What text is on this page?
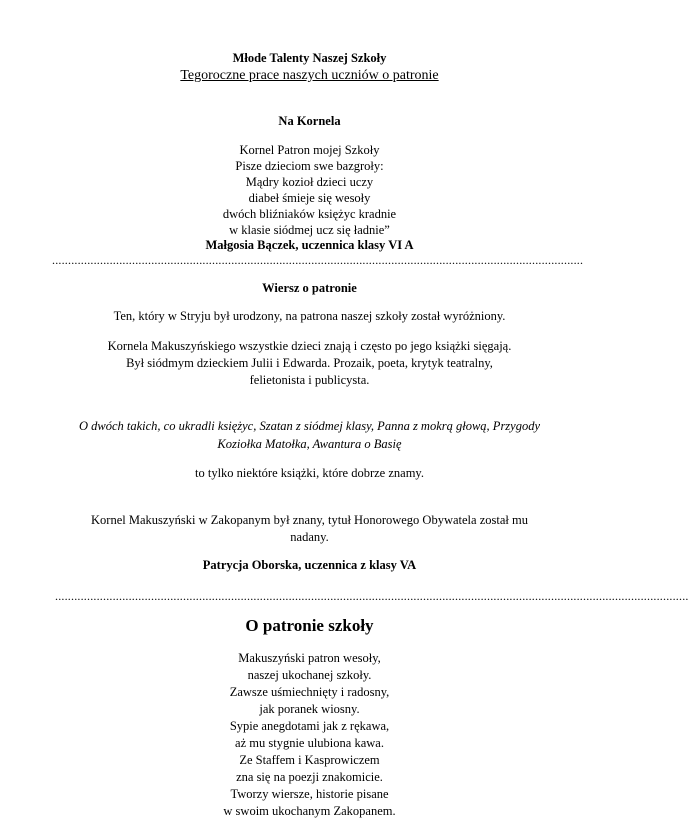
Młode Talenty Naszej Szkoły
Tegoroczne prace naszych uczniów o patronie
Na Kornela
Kornel Patron mojej Szkoły
Pisze dzieciom swe bazgroły:
Mądry kozioł dzieci uczy
diabeł śmieje się wesoły
dwóch bliźniaków księżyc kradnie
w klasie siódmej ucz się ładnie”
Małgosia Bączek, uczennica klasy VI A
......................................................................................................................................................................
Wiersz o patronie
Ten, który w Stryju był urodzony, na patrona naszej szkoły został wyróżniony.
Kornela Makuszyńskiego wszystkie dzieci znają i często po jego książki sięgają.
Był siódmym dzieckiem Julii i Edwarda. Prozaik, poeta, krytyk teatralny,
felietonista i publicysta.
O dwóch takich, co ukradli księżyc, Szatan z siódmej klasy, Panna z mokrą głową, Przygody
Koziołka Matołka, Awantura o Basię
to tylko niektóre książki, które dobrze znamy.
Kornel Makuszyński w Zakopanym był znany, tytuł Honorowego Obywatela został mu
nadany.
Patrycja Oborska, uczennica z klasy VA
......................................................................................................................................................................................................
O patronie szkoły
Makuszyński patron wesoły,
naszej ukochanej szkoły.
Zawsze uśmiechnięty i radosny,
jak poranek wiosny.
Sypie anegdotami jak z rękawa,
aż mu stygnie ulubiona kawa.
Ze Staffem i Kasprowiczem
zna się na poezji znakomicie.
Tworzy wiersze, historie pisane
w swoim ukochanym Zakopanem.
